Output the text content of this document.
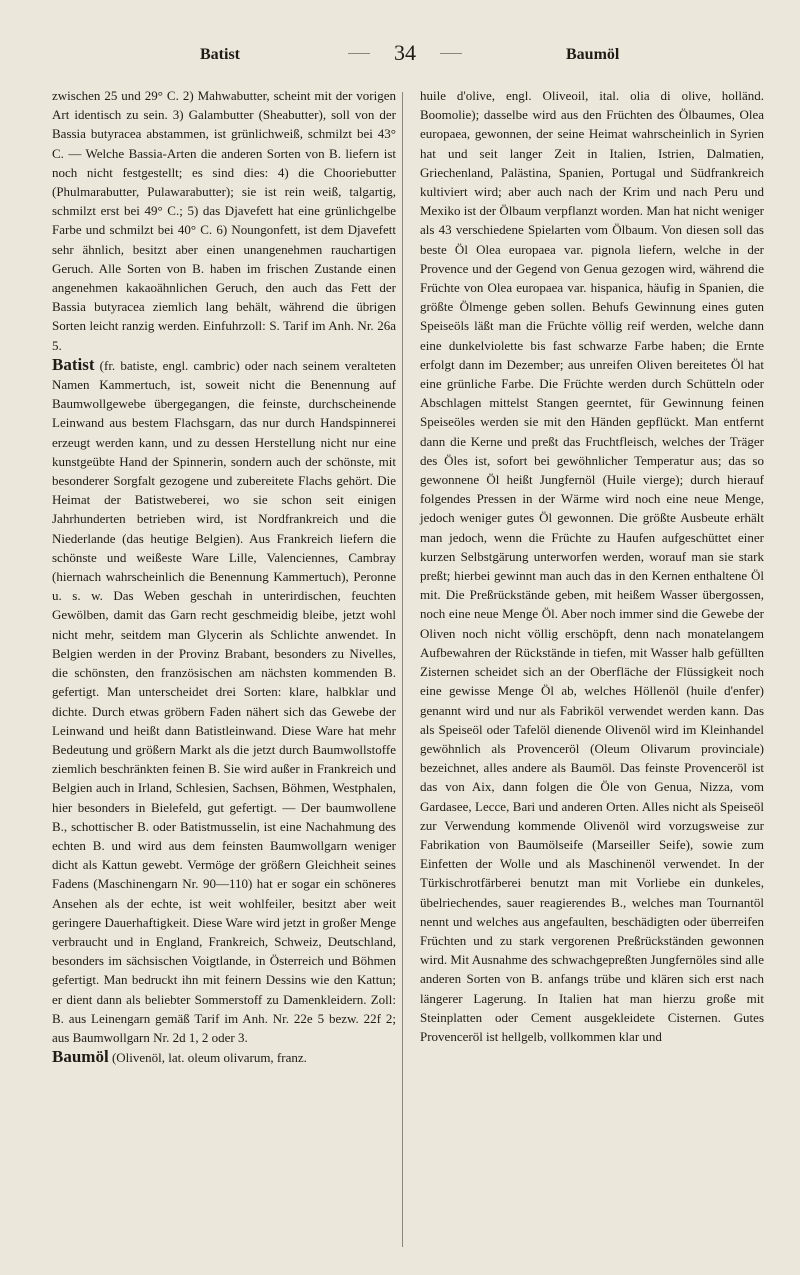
Batist	34	Baumöl

zwischen 25 und 29° C. 2) Mahwabutter, scheint mit der vorigen Art identisch zu sein. 3) Galambutter (Sheabutter), soll von der Bassia butyracea abstammen, ist grünlichweiß, schmilzt bei 43° C. — Welche Bassia-Arten die anderen Sorten von B. liefern ist noch nicht festgestellt; es sind dies: 4) die Chooriebutter (Phulmarabutter, Pulawarabutter); sie ist rein weiß, talgartig, schmilzt erst bei 49° C.; 5) das Djavefett hat eine grünlichgelbe Farbe und schmilzt bei 40° C. 6) Noungonfett, ist dem Djavefett sehr ähnlich, besitzt aber einen unangenehmen rauchartigen Geruch. Alle Sorten von B. haben im frischen Zustande einen angenehmen kakaoähnlichen Geruch, den auch das Fett der Bassia butyracea ziemlich lang behält, während die übrigen Sorten leicht ranzig werden. Einfuhrzoll: S. Tarif im Anh. Nr. 26a 5.

Batist (fr. batiste, engl. cambric) oder nach seinem veralteten Namen Kammertuch, ist, soweit nicht die Benennung auf Baumwollgewebe übergegangen, die feinste, durchscheinende Leinwand aus bestem Flachsgarn, das nur durch Handspinnerei erzeugt werden kann, und zu dessen Herstellung nicht nur eine kunstgeübte Hand der Spinnerin, sondern auch der schönste, mit besonderer Sorgfalt gezogene und zubereitete Flachs gehört. Die Heimat der Batistweberei, wo sie schon seit einigen Jahrhunderten betrieben wird, ist Nordfrankreich und die Niederlande (das heutige Belgien). Aus Frankreich liefern die schönste und weißeste Ware Lille, Valenciennes, Cambray (hiernach wahrscheinlich die Benennung Kammertuch), Peronne u. s. w. Das Weben geschah in unterirdischen, feuchten Gewölben, damit das Garn recht geschmeidig bleibe, jetzt wohl nicht mehr, seitdem man Glycerin als Schlichte anwendet. In Belgien werden in der Provinz Brabant, besonders zu Nivelles, die schönsten, den französischen am nächsten kommenden B. gefertigt. Man unterscheidet drei Sorten: klare, halbklar und dichte. Durch etwas gröbern Faden nähert sich das Gewebe der Leinwand und heißt dann Batistleinwand. Diese Ware hat mehr Bedeutung und größern Markt als die jetzt durch Baumwollstoffe ziemlich beschränkten feinen B. Sie wird außer in Frankreich und Belgien auch in Irland, Schlesien, Sachsen, Böhmen, Westphalen, hier besonders in Bielefeld, gut gefertigt. — Der baumwollene B., schottischer B. oder Batistmusselin, ist eine Nachahmung des echten B. und wird aus dem feinsten Baumwollgarn weniger dicht als Kattun gewebt. Vermöge der größern Gleichheit seines Fadens (Maschinengarn Nr. 90—110) hat er sogar ein schöneres Ansehen als der echte, ist weit wohlfeiler, besitzt aber weit geringere Dauerhaftigkeit. Diese Ware wird jetzt in großer Menge verbraucht und in England, Frankreich, Schweiz, Deutschland, besonders im sächsischen Voigtlande, in Österreich und Böhmen gefertigt. Man bedruckt ihn mit feinern Dessins wie den Kattun; er dient dann als beliebter Sommerstoff zu Damenkleidern. Zoll: B. aus Leinengarn gemäß Tarif im Anh. Nr. 22e 5 bezw. 22f 2; aus Baumwollgarn Nr. 2d 1, 2 oder 3.

Baumöl (Olivenöl, lat. oleum olivarum, franz.

huile d'olive, engl. Oliveoil, ital. olia di olive, holländ. Boomolie); dasselbe wird aus den Früchten des Ölbaumes, Olea europaea, gewonnen, der seine Heimat wahrscheinlich in Syrien hat und seit langer Zeit in Italien, Istrien, Dalmatien, Griechenland, Palästina, Spanien, Portugal und Südfrankreich kultiviert wird; aber auch nach der Krim und nach Peru und Mexiko ist der Ölbaum verpflanzt worden. Man hat nicht weniger als 43 verschiedene Spielarten vom Ölbaum. Von diesen soll das beste Öl Olea europaea var. pignola liefern, welche in der Provence und der Gegend von Genua gezogen wird, während die Früchte von Olea europaea var. hispanica, häufig in Spanien, die größte Ölmenge geben sollen. Behufs Gewinnung eines guten Speiseöls läßt man die Früchte völlig reif werden, welche dann eine dunkelviolette bis fast schwarze Farbe haben; die Ernte erfolgt dann im Dezember; aus unreifen Oliven bereitetes Öl hat eine grünliche Farbe. Die Früchte werden durch Schütteln oder Abschlagen mittelst Stangen geerntet, für Gewinnung feinen Speiseöles werden sie mit den Händen gepflückt. Man entfernt dann die Kerne und preßt das Fruchtfleisch, welches der Träger des Öles ist, sofort bei gewöhnlicher Temperatur aus; das so gewonnene Öl heißt Jungfernöl (Huile vierge); durch hierauf folgendes Pressen in der Wärme wird noch eine neue Menge, jedoch weniger gutes Öl gewonnen. Die größte Ausbeute erhält man jedoch, wenn die Früchte zu Haufen aufgeschüttet einer kurzen Selbstgärung unterworfen werden, worauf man sie stark preßt; hierbei gewinnt man auch das in den Kernen enthaltene Öl mit. Die Preßrückstände geben, mit heißem Wasser übergossen, noch eine neue Menge Öl. Aber noch immer sind die Gewebe der Oliven noch nicht völlig erschöpft, denn nach monatelangem Aufbewahren der Rückstände in tiefen, mit Wasser halb gefüllten Zisternen scheidet sich an der Oberfläche der Flüssigkeit noch eine gewisse Menge Öl ab, welches Höllenöl (huile d'enfer) genannt wird und nur als Fabriköl verwendet werden kann. Das als Speiseöl oder Tafelöl dienende Olivenöl wird im Kleinhandel gewöhnlich als Provenceröl (Oleum Olivarum provinciale) bezeichnet, alles andere als Baumöl. Das feinste Provenceröl ist das von Aix, dann folgen die Öle von Genua, Nizza, vom Gardasee, Lecce, Bari und anderen Orten. Alles nicht als Speiseöl zur Verwendung kommende Olivenöl wird vorzugsweise zur Fabrikation von Baumölseife (Marseiller Seife), sowie zum Einfetten der Wolle und als Maschinenöl verwendet. In der Türkischrotfärberei benutzt man mit Vorliebe ein dunkeles, übelriechendes, sauer reagierendes B., welches man Tournantöl nennt und welches aus angefaulten, beschädigten oder überreifen Früchten und zu stark vergorenen Preßrückständen gewonnen wird. Mit Ausnahme des schwachgepreßten Jungfernöles sind alle anderen Sorten von B. anfangs trübe und klären sich erst nach längerer Lagerung. In Italien hat man hierzu große mit Steinplatten oder Cement ausgekleidete Cisternen. Gutes Provenceröl ist hellgelb, vollkommen klar und
